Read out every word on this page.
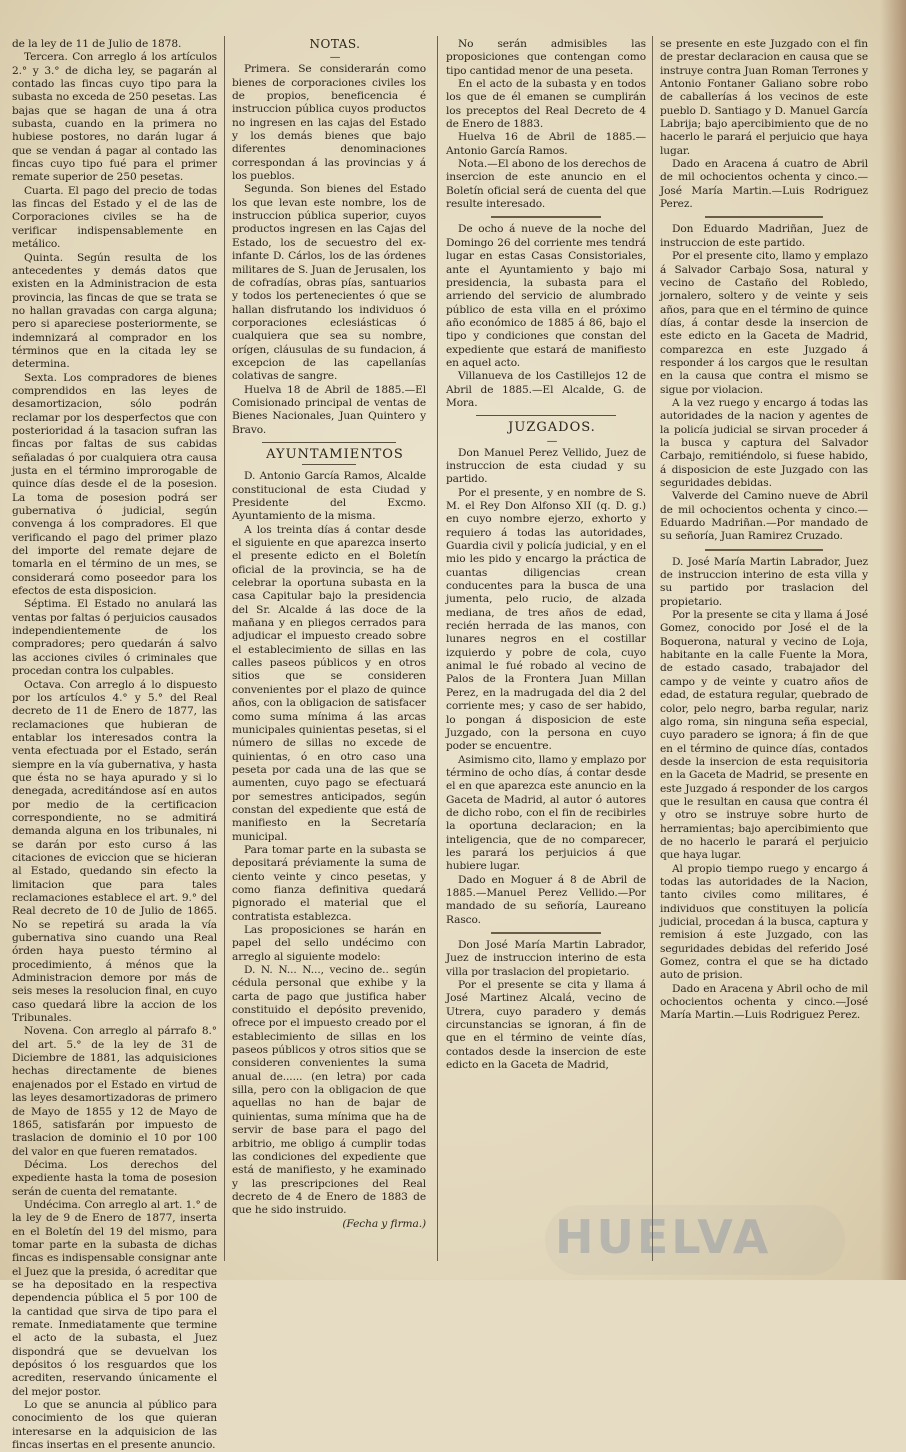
de la ley de 11 de Julio de 1878.

Tercera. Con arreglo á los artículos 2.° y 3.° de dicha ley, se pagarán al contado las fincas cuyo tipo para la subasta no exceda de 250 pesetas. Las bajas que se hagan de una á otra subasta, cuando en la primera no hubiese postores, no darán lugar á que se vendan á pagar al contado las fincas cuyo tipo fué para el primer remate superior de 250 pesetas.

Cuarta. El pago del precio de todas las fincas del Estado y el de las de Corporaciones civiles se ha de verificar indispensablemente en metálico.

Quinta. Según resulta de los antecedentes y demás datos que existen en la Administracion de esta provincia, las fincas de que se trata se no hallan gravadas con carga alguna; pero si apareciese posteriormente, se indemnizará al comprador en los términos que en la citada ley se determina.

Sexta. Los compradores de bienes comprendidos en las leyes de desamortizacion, sólo podrán reclamar por los desperfectos que con posterioridad á la tasacion sufran las fincas por faltas de sus cabidas señaladas ó por cualquiera otra causa justa en el término improrogable de quince días desde el de la posesion. La toma de posesion podrá ser gubernativa ó judicial, según convenga á los compradores. El que verificando el pago del primer plazo del importe del remate dejare de tomarla en el término de un mes, se considerará como poseedor para los efectos de esta disposicion.

Séptima. El Estado no anulará las ventas por faltas ó perjuicios causados independientemente de los compradores; pero quedarán á salvo las acciones civiles ó criminales que procedan contra los culpables.

Octava. Con arreglo á lo dispuesto por los artículos 4.° y 5.° del Real decreto de 11 de Enero de 1877, las reclamaciones que hubieran de entablar los interesados contra la venta efectuada por el Estado, serán siempre en la vía gubernativa, y hasta que ésta no se haya apurado y si lo denegada, acreditándose así en autos por medio de la certificacion correspondiente, no se admitirá demanda alguna en los tribunales, ni se darán por esto curso á las citaciones de eviccion que se hicieran al Estado, quedando sin efecto la limitacion que para tales reclamaciones establece el art. 9.° del Real decreto de 10 de Julio de 1865. No se repetirá su arada la vía gubernativa sino cuando una Real órden haya puesto término al procedimiento, á ménos que la Administracion demore por más de seis meses la resolucion final, en cuyo caso quedará libre la accion de los Tribunales.

Novena. Con arreglo al párrafo 8.° del art. 5.° de la ley de 31 de Diciembre de 1881, las adquisiciones hechas directamente de bienes enajenados por el Estado en virtud de las leyes desamortizadoras de primero de Mayo de 1855 y 12 de Mayo de 1865, satisfarán por impuesto de traslacion de dominio el 10 por 100 del valor en que fueren rematados.

Décima. Los derechos del expediente hasta la toma de posesion serán de cuenta del rematante.

Undécima. Con arreglo al art. 1.° de la ley de 9 de Enero de 1877, inserta en el Boletín del 19 del mismo, para tomar parte en la subasta de dichas fincas es indispensable consignar ante el Juez que la presida, ó acreditar que se ha depositado en la respectiva dependencia pública el 5 por 100 de la cantidad que sirva de tipo para el remate. Inmediatamente que termine el acto de la subasta, el Juez dispondrá que se devuelvan los depósitos ó los resguardos que los acrediten, reservando únicamente el del mejor postor.

Lo que se anuncia al público para conocimiento de los que quieran interesarse en la adquisicion de las fincas insertas en el presente anuncio.

NOTAS.

—

Primera. Se considerarán como bienes de corporaciones civiles los de propios, beneficencia é instruccion pública cuyos productos no ingresen en las cajas del Estado y los demás bienes que bajo diferentes denominaciones correspondan á las provincias y á los pueblos.

Segunda. Son bienes del Estado los que levan este nombre, los de instruccion pública superior, cuyos productos ingresen en las Cajas del Estado, los de secuestro del ex-infante D. Cárlos, los de las órdenes militares de S. Juan de Jerusalen, los de cofradías, obras pías, santuarios y todos los pertenecientes ó que se hallan disfrutando los individuos ó corporaciones eclesiásticas ó cualquiera que sea su nombre, orígen, cláusulas de su fundacion, á excepcion de las capellanías colativas de sangre.

Huelva 18 de Abril de 1885.—El Comisionado principal de ventas de Bienes Nacionales, Juan Quintero y Bravo.

AYUNTAMIENTOS

D. Antonio García Ramos, Alcalde constitucional de esta Ciudad y Presidente del Excmo. Ayuntamiento de la misma.

A los treinta días á contar desde el siguiente en que aparezca inserto el presente edicto en el Boletín oficial de la provincia, se ha de celebrar la oportuna subasta en la casa Capitular bajo la presidencia del Sr. Alcalde á las doce de la mañana y en pliegos cerrados para adjudicar el impuesto creado sobre el establecimiento de sillas en las calles paseos públicos y en otros sitios que se consideren convenientes por el plazo de quince años, con la obligacion de satisfacer como suma mínima á las arcas municipales quinientas pesetas, si el número de sillas no excede de quinientas, ó en otro caso una peseta por cada una de las que se aumenten, cuyo pago se efectuará por semestres anticipados, según constan del expediente que está de manifiesto en la Secretaría municipal.

Para tomar parte en la subasta se depositará préviamente la suma de ciento veinte y cinco pesetas, y como fianza definitiva quedará pignorado el material que el contratista establezca.

Las proposiciones se harán en papel del sello undécimo con arreglo al siguiente modelo:

D. N. N... N..., vecino de.. según cédula personal que exhibe y la carta de pago que justifica haber constituido el depósito prevenido, ofrece por el impuesto creado por el establecimiento de sillas en los paseos públicos y otros sitios que se consideren convenientes la suma anual de...... (en letra) por cada silla, pero con la obligacion de que aquellas no han de bajar de quinientas, suma mínima que ha de servir de base para el pago del arbitrio, me obligo á cumplir todas las condiciones del expediente que está de manifiesto, y he examinado y las prescripciones del Real decreto de 4 de Enero de 1883 de que he sido instruido.

(Fecha y firma.)

No serán admisibles las proposiciones que contengan como tipo cantidad menor de una peseta.

En el acto de la subasta y en todos los que de él emanen se cumplirán los preceptos del Real Decreto de 4 de Enero de 1883.

Huelva 16 de Abril de 1885.—Antonio García Ramos.

Nota.—El abono de los derechos de insercion de este anuncio en el Boletín oficial será de cuenta del que resulte interesado.

De ocho á nueve de la noche del Domingo 26 del corriente mes tendrá lugar en estas Casas Consistoriales, ante el Ayuntamiento y bajo mi presidencia, la subasta para el arriendo del servicio de alumbrado público de esta villa en el próximo año económico de 1885 á 86, bajo el tipo y condiciones que constan del expediente que estará de manifiesto en aquel acto.

Villanueva de los Castillejos 12 de Abril de 1885.—El Alcalde, G. de Mora.

JUZGADOS.

—

Don Manuel Perez Vellido, Juez de instruccion de esta ciudad y su partido.

Por el presente, y en nombre de S. M. el Rey Don Alfonso XII (q. D. g.) en cuyo nombre ejerzo, exhorto y requiero á todas las autoridades, Guardia civil y policía judicial, y en el mio les pido y encargo la práctica de cuantas diligencias crean conducentes para la busca de una jumenta, pelo rucio, de alzada mediana, de tres años de edad, recién herrada de las manos, con lunares negros en el costillar izquierdo y pobre de cola, cuyo animal le fué robado al vecino de Palos de la Frontera Juan Millan Perez, en la madrugada del dia 2 del corriente mes; y caso de ser habido, lo pongan á disposicion de este Juzgado, con la persona en cuyo poder se encuentre.

Asimismo cito, llamo y emplazo por término de ocho días, á contar desde el en que aparezca este anuncio en la Gaceta de Madrid, al autor ó autores de dicho robo, con el fin de recibirles la oportuna declaracion; en la inteligencia, que de no comparecer, les parará los perjuicios á que hubiere lugar.

Dado en Moguer á 8 de Abril de 1885.—Manuel Perez Vellido.—Por mandado de su señoría, Laureano Rasco.

Don José María Martin Labrador, Juez de instruccion interino de esta villa por traslacion del propietario.

Por el presente se cita y llama á José Martinez Alcalá, vecino de Utrera, cuyo paradero y demás circunstancias se ignoran, á fin de que en el término de veinte días, contados desde la insercion de este edicto en la Gaceta de Madrid,

se presente en este Juzgado con el fin de prestar declaracion en causa que se instruye contra Juan Roman Terrones y Antonio Fontaner Galiano sobre robo de caballerías á los vecinos de este pueblo D. Santiago y D. Manuel García Labrija; bajo apercibimiento que de no hacerlo le parará el perjuicio que haya lugar.

Dado en Aracena á cuatro de Abril de mil ochocientos ochenta y cinco.—José María Martin.—Luis Rodriguez Perez.

Don Eduardo Madriñan, Juez de instruccion de este partido.

Por el presente cito, llamo y emplazo á Salvador Carbajo Sosa, natural y vecino de Castaño del Robledo, jornalero, soltero y de veinte y seis años, para que en el término de quince días, á contar desde la insercion de este edicto en la Gaceta de Madrid, comparezca en este Juzgado á responder á los cargos que le resultan en la causa que contra el mismo se sigue por violacion.

A la vez ruego y encargo á todas las autoridades de la nacion y agentes de la policía judicial se sirvan proceder á la busca y captura del Salvador Carbajo, remitiéndolo, si fuese habido, á disposicion de este Juzgado con las seguridades debidas.

Valverde del Camino nueve de Abril de mil ochocientos ochenta y cinco.—Eduardo Madriñan.—Por mandado de su señoría, Juan Ramirez Cruzado.

D. José María Martin Labrador, Juez de instruccion interino de esta villa y su partido por traslacion del propietario.

Por la presente se cita y llama á José Gomez, conocido por José el de la Boquerona, natural y vecino de Loja, habitante en la calle Fuente la Mora, de estado casado, trabajador del campo y de veinte y cuatro años de edad, de estatura regular, quebrado de color, pelo negro, barba regular, nariz algo roma, sin ninguna seña especial, cuyo paradero se ignora; á fin de que en el término de quince días, contados desde la insercion de esta requisitoria en la Gaceta de Madrid, se presente en este Juzgado á responder de los cargos que le resultan en causa que contra él y otro se instruye sobre hurto de herramientas; bajo apercibimiento que de no hacerlo le parará el perjuicio que haya lugar.

Al propio tiempo ruego y encargo á todas las autoridades de la Nacion, tanto civiles como militares, é individuos que constituyen la policía judicial, procedan á la busca, captura y remision á este Juzgado, con las seguridades debidas del referido José Gomez, contra el que se ha dictado auto de prision.

Dado en Aracena y Abril ocho de mil ochocientos ochenta y cinco.—José María Martin.—Luis Rodriguez Perez.

HUELVA
